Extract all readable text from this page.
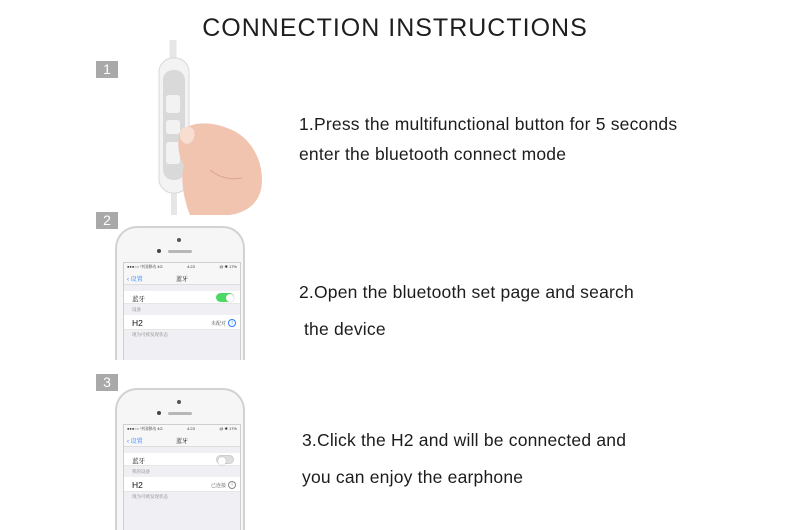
CONNECTION INSTRUCTIONS
1
1.Press the multifunctional button for 5 seconds
enter the bluetooth connect mode
2
●●●○○ 中国移动 4G	4:23	@ ✱ 17%
‹ 设置	蓝牙
蓝牙
设备
H2	未配对	i
现为可被发现状态
2.Open the bluetooth set page and search
the device
3
●●●○○ 中国移动 4G	4:23	@ ✱ 17%
‹ 设置	蓝牙
蓝牙
我的设备
H2	已连接	i
现为可被发现状态
3.Click the H2 and will be connected and
you can enjoy the earphone
